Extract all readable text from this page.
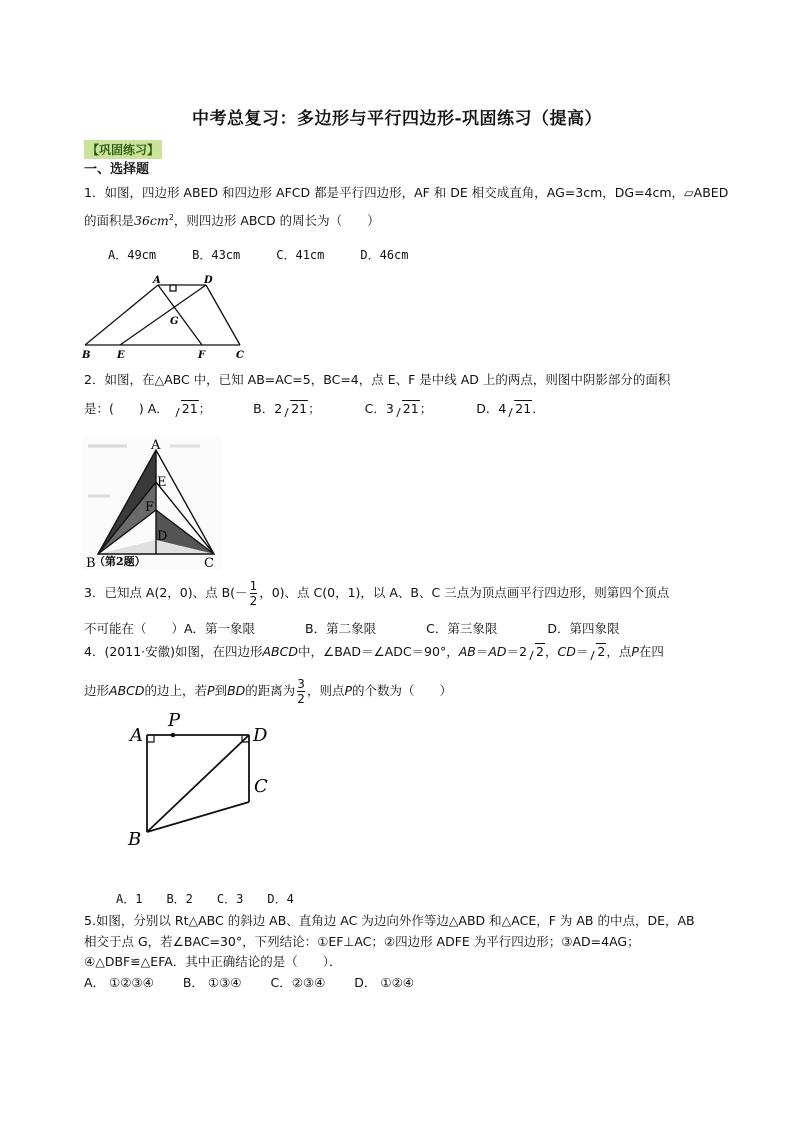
中考总复习：多边形与平行四边形-巩固练习（提高）
【巩固练习】
一、选择题
1．如图，四边形 ABED 和四边形 AFCD 都是平行四边形，AF 和 DE 相交成直角，AG=3cm，DG=4cm，▱ABED
的面积是$36cm^2$，则四边形 ABCD 的周长为（　　）
A．49cm　　　B．43cm　　　C．41cm　　　D．46cm
A	D
G
B	E	F	C
2．如图，在△ABC 中，已知 AB=AC=5，BC=4，点 E、F 是中线 AD 上的两点，则图中阴影部分的面积
是：(　　) A． 21；	B．2 21；	C．3 21；	D．4 21．
A
E
F
D
B
（第2题）	C
3．已知点 A(2，0)、点 $B(- \frac{1}{2}$ ，0)、点 C(0，1)，以 A、B、C 三点为顶点画平行四边形，则第四个顶点
不可能在（　　）A．第一象限　　　　B．第二象限　　　　C．第三象限　　　　D．第四象限
4．(2011·安徽)如图，在四边形ABCD中，∠BAD＝∠ADC＝90°，AB＝AD＝2 2，CD＝ 2，点P在四
边形ABCD的边上，若P到BD的距离为 $\frac{3}{2}$ ，则点P的个数为（　　）
A
P
D
C
B
A．1　　B．2　　C．3　　D．4
5.如图，分别以 Rt△ABC 的斜边 AB、直角边 AC 为边向外作等边△ABD 和△ACE，F 为 AB 的中点，DE，AB
相交于点 G，若∠BAC=30°，下列结论：①EF⊥AC；②四边形 ADFE 为平行四边形；③AD=4AG；
④△DBF≌△EFA．其中正确结论的是（　　）．
A． ①②③④　　 B． ①③④　　 C．②③④　　 D． ①②④
